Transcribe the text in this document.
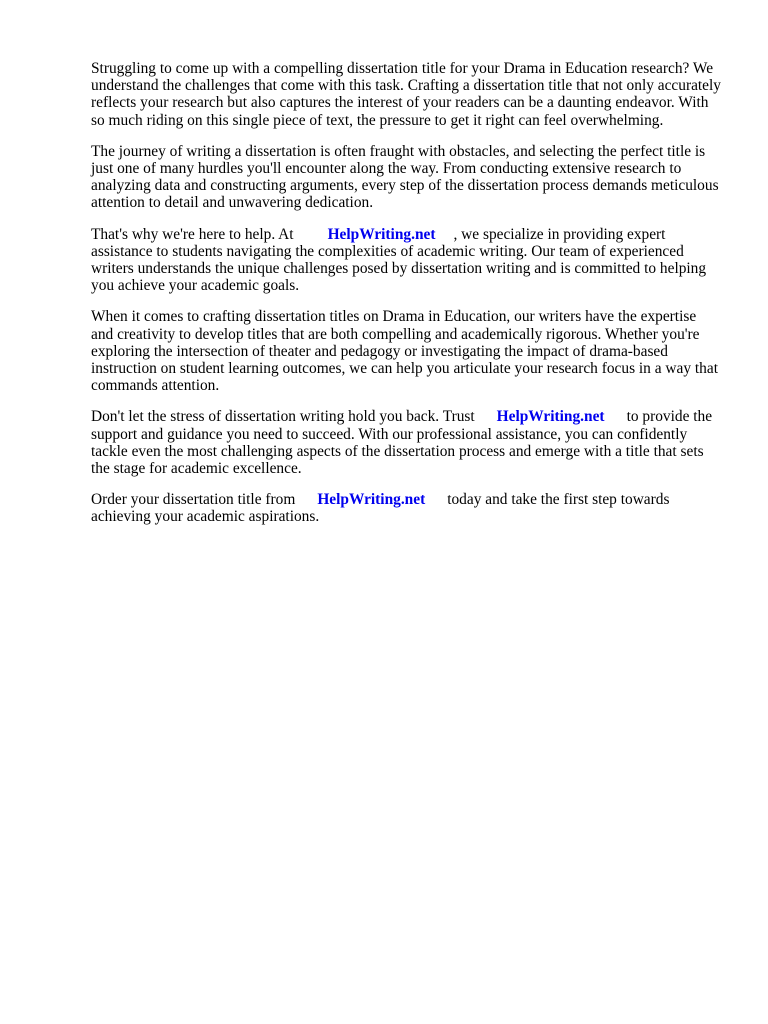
Struggling to come up with a compelling dissertation title for your Drama in Education research? We understand the challenges that come with this task. Crafting a dissertation title that not only accurately reflects your research but also captures the interest of your readers can be a daunting endeavor. With so much riding on this single piece of text, the pressure to get it right can feel overwhelming.

The journey of writing a dissertation is often fraught with obstacles, and selecting the perfect title is just one of many hurdles you'll encounter along the way. From conducting extensive research to analyzing data and constructing arguments, every step of the dissertation process demands meticulous attention to detail and unwavering dedication.

That's why we're here to help. At HelpWriting.net , we specialize in providing expert assistance to students navigating the complexities of academic writing. Our team of experienced writers understands the unique challenges posed by dissertation writing and is committed to helping you achieve your academic goals.

When it comes to crafting dissertation titles on Drama in Education, our writers have the expertise and creativity to develop titles that are both compelling and academically rigorous. Whether you're exploring the intersection of theater and pedagogy or investigating the impact of drama-based instruction on student learning outcomes, we can help you articulate your research focus in a way that commands attention.

Don't let the stress of dissertation writing hold you back. Trust HelpWriting.net to provide the support and guidance you need to succeed. With our professional assistance, you can confidently tackle even the most challenging aspects of the dissertation process and emerge with a title that sets the stage for academic excellence.

Order your dissertation title from HelpWriting.net today and take the first step towards achieving your academic aspirations.
